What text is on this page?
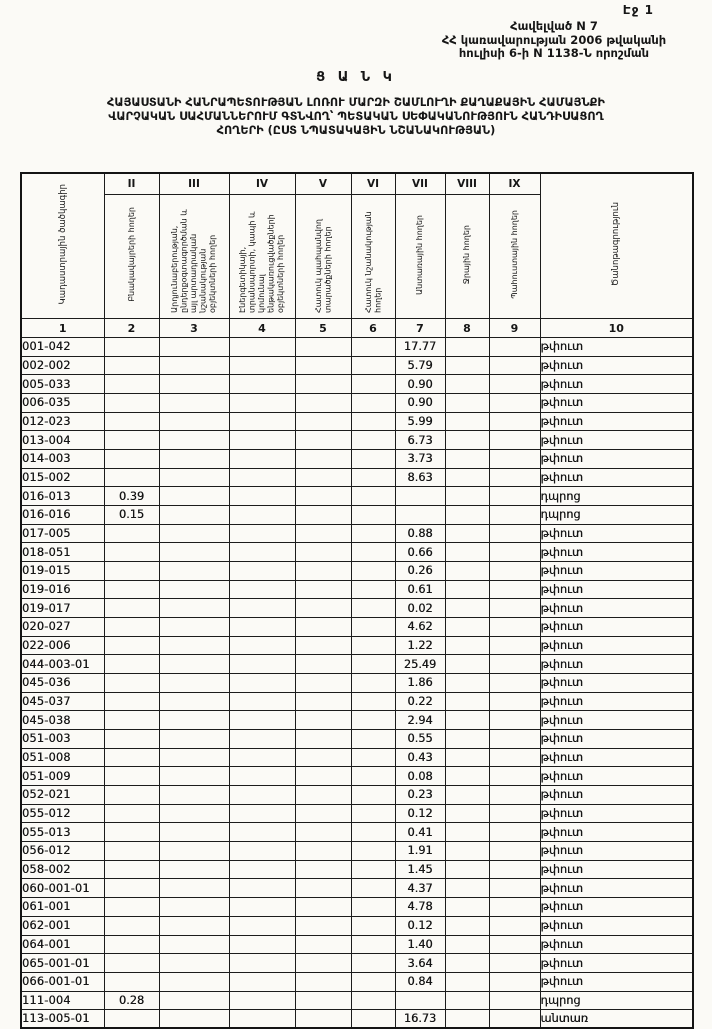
Էջ 1
Հավելված N 7
ՀՀ կառավարության 2006 թվականի
հուլիսի 6-ի N 1138-Ն որոշման
Ց Ա Ն Կ
ՀԱՅԱՍՏԱՆԻ ՀԱՆՐԱՊԵՏՈՒԹՅԱՆ ԼՈՌՈՒ ՄԱՐԶԻ ՇԱՄԼՈՒՂԻ ՔԱՂԱՔԱՅԻՆ ՀԱՄԱՅՆՔԻ
ՎԱՐՉԱԿԱՆ ՍԱՀՄԱՆՆԵՐՈՒՄ ԳՏՆՎՈՂ՝ ՊԵՏԱԿԱՆ ՍԵՓԱԿԱՆՈՒԹՅՈՒՆ ՀԱՆԴԻՍԱՑՈՂ
ՀՈՂԵՐԻ (ԸՍՏ ՆՊԱՏԱԿԱՅԻՆ ՆՇԱՆԱԿՈՒԹՅԱՆ)
Կադաստրային ծածկագիր	II	III	IV	V	VI	VII	VIII	IX	Ծանոթագրություն
	Բնակավայրերի հողեր	Արդյունաբերության, ընդերքօգտագործման և այլ արտադրական նշանակության օբյեկտների հողեր	Էներգետիկայի, տրանսպորտի, կապի և կոմունալ ենթակառուցվածքների օբյեկտների հողեր	Հատուկ պահպանվող տարածքների հողեր	Հատուկ նշանակության հողեր	Անտառային հողեր	Ջրային հողեր	Պահուստային հողեր	
1	2	3	4	5	6	7	8	9	10
001-042						17.77			թփուտ
002-002						5.79			թփուտ
005-033						0.90			թփուտ
006-035						0.90			թփուտ
012-023						5.99			թփուտ
013-004						6.73			թփուտ
014-003						3.73			թփուտ
015-002						8.63			թփուտ
016-013	0.39								դպրոց
016-016	0.15								դպրոց
017-005						0.88			թփուտ
018-051						0.66			թփուտ
019-015						0.26			թփուտ
019-016						0.61			թփուտ
019-017						0.02			թփուտ
020-027						4.62			թփուտ
022-006						1.22			թփուտ
044-003-01						25.49			թփուտ
045-036						1.86			թփուտ
045-037						0.22			թփուտ
045-038						2.94			թփուտ
051-003						0.55			թփուտ
051-008						0.43			թփուտ
051-009						0.08			թփուտ
052-021						0.23			թփուտ
055-012						0.12			թփուտ
055-013						0.41			թփուտ
056-012						1.91			թփուտ
058-002						1.45			թփուտ
060-001-01						4.37			թփուտ
061-001						4.78			թփուտ
062-001						0.12			թփուտ
064-001						1.40			թփուտ
065-001-01						3.64			թփուտ
066-001-01						0.84			թփուտ
111-004	0.28								դպրոց
113-005-01						16.73			անտառ
